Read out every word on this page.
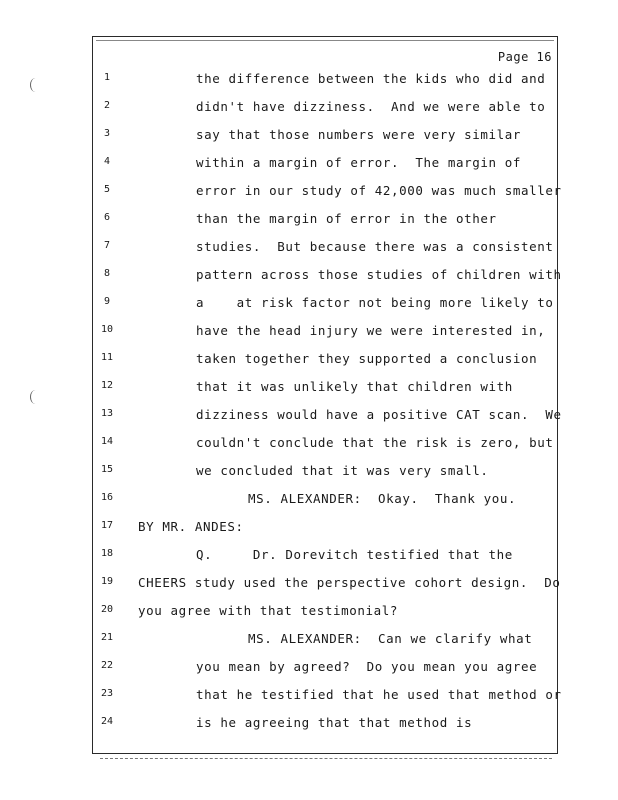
Page 16
1	the difference between the kids who did and
2	didn't have dizziness.  And we were able to
3	say that those numbers were very similar
4	within a margin of error.  The margin of
5	error in our study of 42,000 was much smaller
6	than the margin of error in the other
7	studies.  But because there was a consistent
8	pattern across those studies of children with
9	a    at risk factor not being more likely to
10	have the head injury we were interested in,
11	taken together they supported a conclusion
12	that it was unlikely that children with
13	dizziness would have a positive CAT scan.  We
14	couldn't conclude that the risk is zero, but
15	we concluded that it was very small.
16	MS. ALEXANDER:  Okay.  Thank you.
17	BY MR. ANDES:
18	Q.     Dr. Dorevitch testified that the
19	CHEERS study used the perspective cohort design.  Do
20	you agree with that testimonial?
21	MS. ALEXANDER:  Can we clarify what
22	you mean by agreed?  Do you mean you agree
23	that he testified that he used that method or
24	is he agreeing that that method is
